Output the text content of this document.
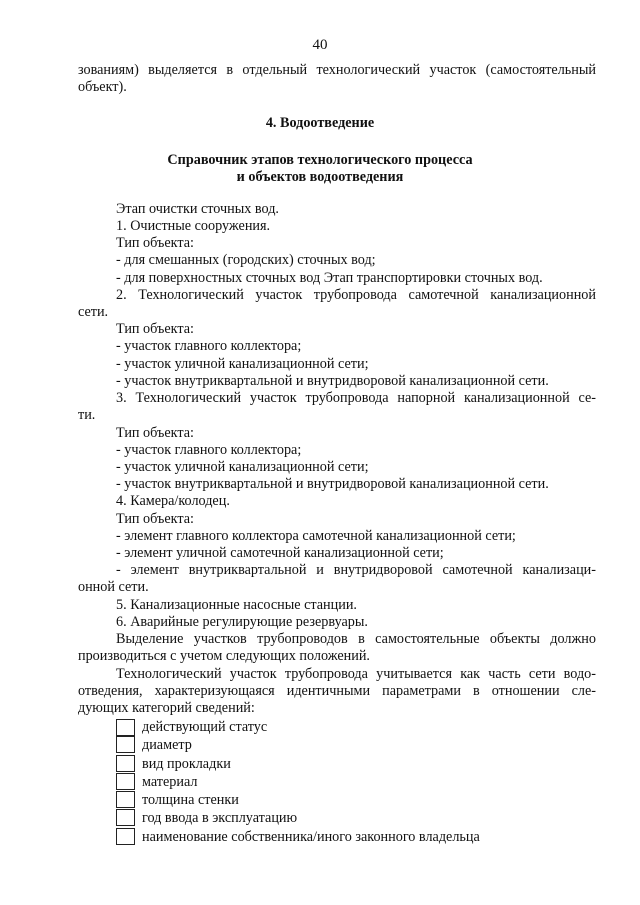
40
зованиям) выделяется в отдельный технологический участок (самостоятельный
объект).
4. Водоотведение
Справочник этапов технологического процесса
и объектов водоотведения
Этап очистки сточных вод.
1. Очистные сооружения.
Тип объекта:
- для смешанных (городских) сточных вод;
- для поверхностных сточных вод Этап транспортировки сточных вод.
2. Технологический участок трубопровода самотечной канализационной
сети.
Тип объекта:
- участок главного коллектора;
- участок уличной канализационной сети;
- участок внутриквартальной и внутридворовой канализационной сети.
3. Технологический участок трубопровода напорной канализационной се-
ти.
Тип объекта:
- участок главного коллектора;
- участок уличной канализационной сети;
- участок внутриквартальной и внутридворовой канализационной сети.
4. Камера/колодец.
Тип объекта:
- элемент главного коллектора самотечной канализационной сети;
- элемент уличной самотечной канализационной сети;
- элемент внутриквартальной и внутридворовой самотечной канализаци-
онной сети.
5. Канализационные насосные станции.
6. Аварийные регулирующие резервуары.
Выделение участков трубопроводов в самостоятельные объекты должно
производиться с учетом следующих положений.
Технологический участок трубопровода учитывается как часть сети водо-
отведения, характеризующаяся идентичными параметрами в отношении сле-
дующих категорий сведений:
действующий статус
диаметр
вид прокладки
материал
толщина стенки
год ввода в эксплуатацию
наименование собственника/иного законного владельца
